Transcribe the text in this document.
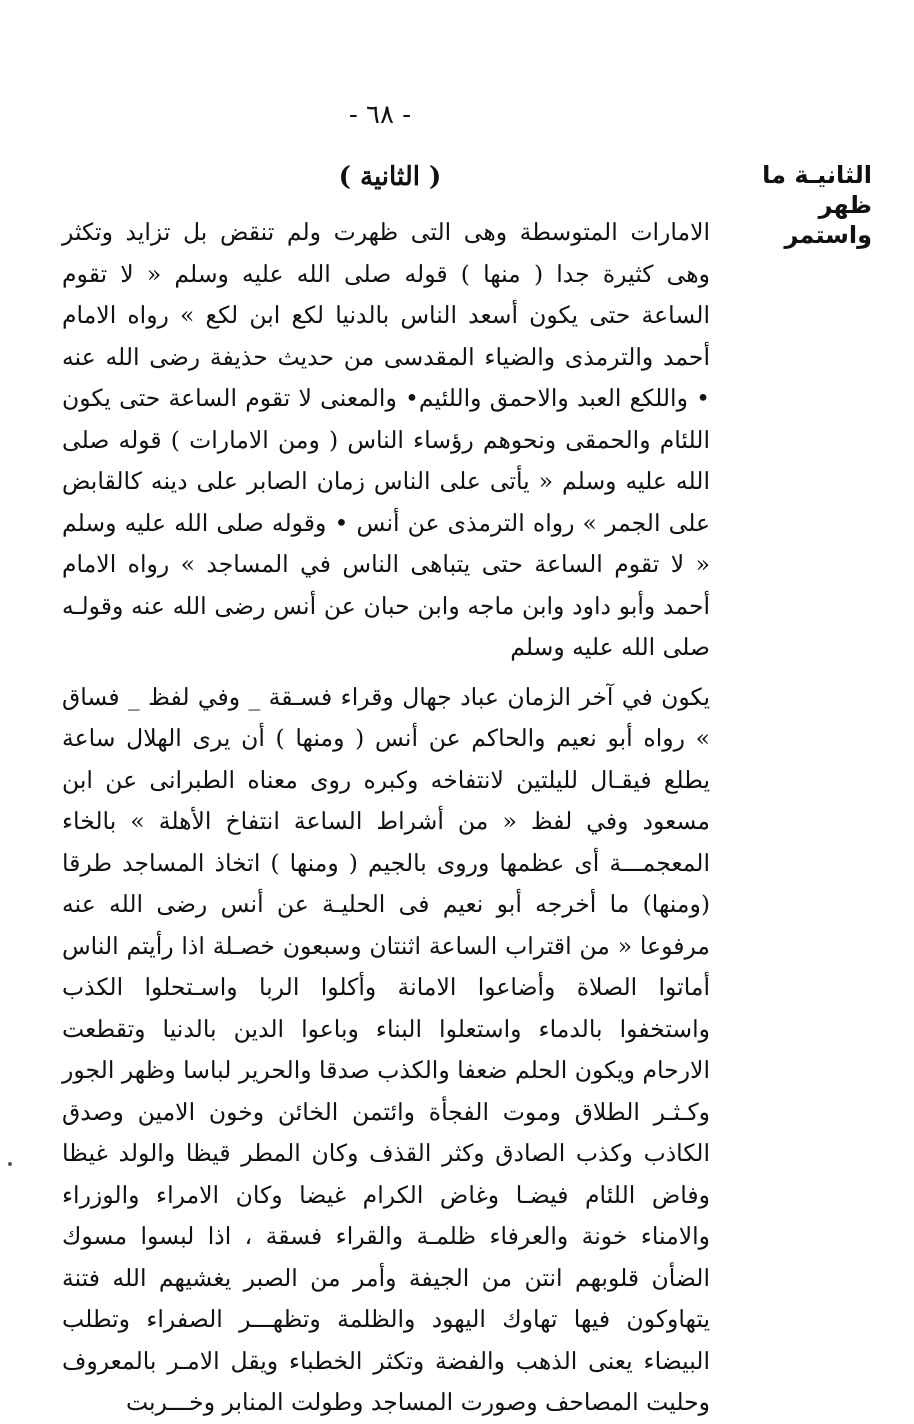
- ٦٨ -
الثانيـة ما ظهر واستمر
( الثانية )

الامارات المتوسطة وهى التى ظهرت ولم تنقض بل تزايد وتكثر وهى كثيرة جدا ( منها ) قوله صلى الله عليه وسلم « لا تقوم الساعة حتى يكون أسعد الناس بالدنيا لكع ابن لكع » رواه الامام أحمد والترمذى والضياء المقدسى من حديث حذيفة رضى الله عنه • واللكع العبد والاحمق واللئيم• والمعنى لا تقوم الساعة حتى يكون اللئام والحمقى ونحوهم رؤساء الناس ( ومن الامارات ) قوله صلى الله عليه وسلم « يأتى على الناس زمان الصابر على دينه كالقابض على الجمر » رواه الترمذى عن أنس • وقوله صلى الله عليه وسلم « لا تقوم الساعة حتى يتباهى الناس في المساجد » رواه الامام أحمد وأبو داود وابن ماجه وابن حبان عن أنس رضى الله عنه وقولـه صلى الله عليه وسلم

يكون في آخر الزمان عباد جهال وقراء فسـقة _ وفي لفظ _ فساق » رواه أبو نعيم والحاكم عن أنس ( ومنها ) أن يرى الهلال ساعة يطلع فيقـال لليلتين لانتفاخه وكبره روى معناه الطبرانى عن ابن مسعود وفي لفظ « من أشراط الساعة انتفاخ الأهلة » بالخاء المعجمـــة أى عظمها وروى بالجيم ( ومنها ) اتخاذ المساجد طرقا (ومنها) ما أخرجه أبو نعيم فى الحليـة عن أنس رضى الله عنه مرفوعا « من اقتراب الساعة اثنتان وسبعون خصـلة اذا رأيتم الناس أماتوا الصلاة وأضاعوا الامانة وأكلوا الربا واسـتحلوا الكذب واستخفوا بالدماء واستعلوا البناء وباعوا الدين بالدنيا وتقطعت الارحام ويكون الحلم ضعفا والكذب صدقا والحرير لباسا وظهر الجور وكـثـر الطلاق وموت الفجأة وائتمن الخائن وخون الامين وصدق الكاذب وكذب الصادق وكثر القذف وكان المطر قيظا والولد غيظا وفاض اللئام فيضـا وغاض الكرام غيضا وكان الامراء والوزراء والامناء خونة والعرفاء ظلمـة والقراء فسقة ، اذا لبسوا مسوك الضأن قلوبهم انتن من الجيفة وأمر من الصبر يغشيهم الله فتنة يتهاوكون فيها تهاوك اليهود والظلمة وتظهـــر الصفراء وتطلب البيضاء يعنى الذهب والفضة وتكثر الخطباء ويقل الامـر بالمعروف وحليت المصاحف وصورت المساجد وطولت المنابر وخـــربت
